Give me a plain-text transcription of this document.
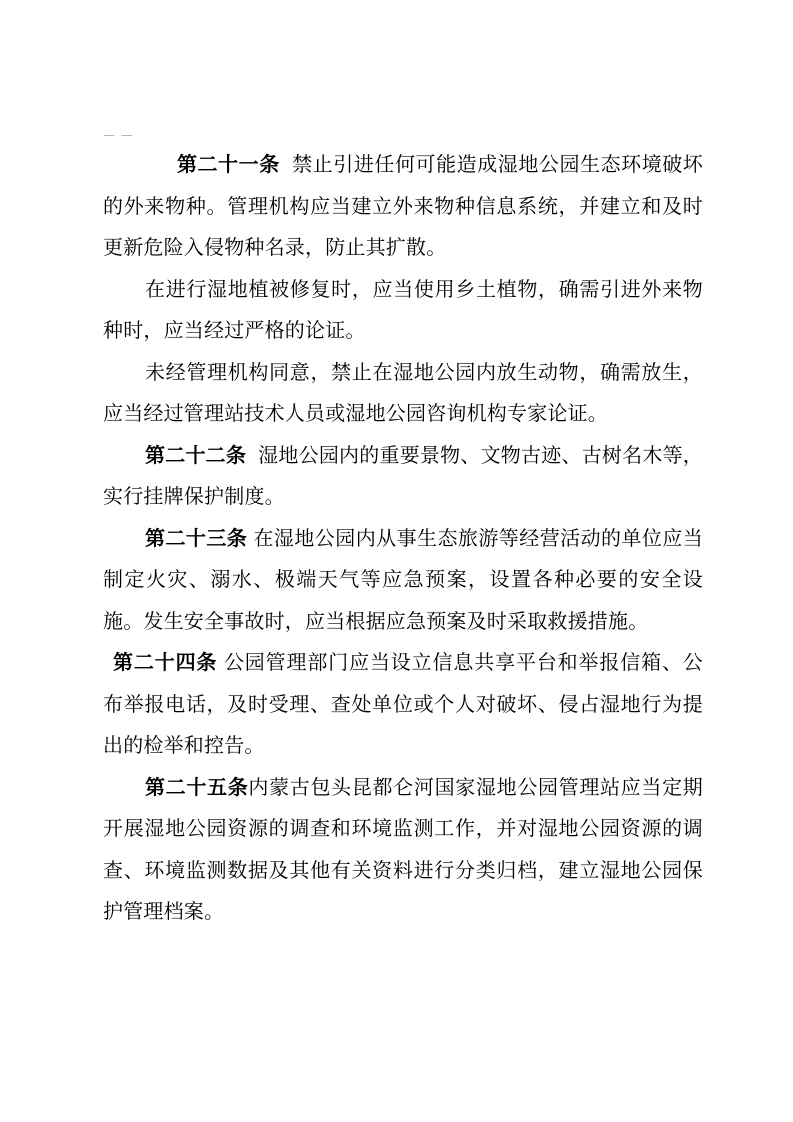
— —

第二十一条 禁止引进任何可能造成湿地公园生态环境破坏的外来物种。管理机构应当建立外来物种信息系统，并建立和及时更新危险入侵物种名录，防止其扩散。

在进行湿地植被修复时，应当使用乡土植物，确需引进外来物种时，应当经过严格的论证。

未经管理机构同意，禁止在湿地公园内放生动物，确需放生，应当经过管理站技术人员或湿地公园咨询机构专家论证。

第二十二条 湿地公园内的重要景物、文物古迹、古树名木等，实行挂牌保护制度。

第二十三条 在湿地公园内从事生态旅游等经营活动的单位应当制定火灾、溺水、极端天气等应急预案，设置各种必要的安全设施。发生安全事故时，应当根据应急预案及时采取救援措施。

第二十四条 公园管理部门应当设立信息共享平台和举报信箱、公布举报电话，及时受理、查处单位或个人对破坏、侵占湿地行为提出的检举和控告。

第二十五条内蒙古包头昆都仑河国家湿地公园管理站应当定期开展湿地公园资源的调查和环境监测工作，并对湿地公园资源的调查、环境监测数据及其他有关资料进行分类归档，建立湿地公园保护管理档案。
